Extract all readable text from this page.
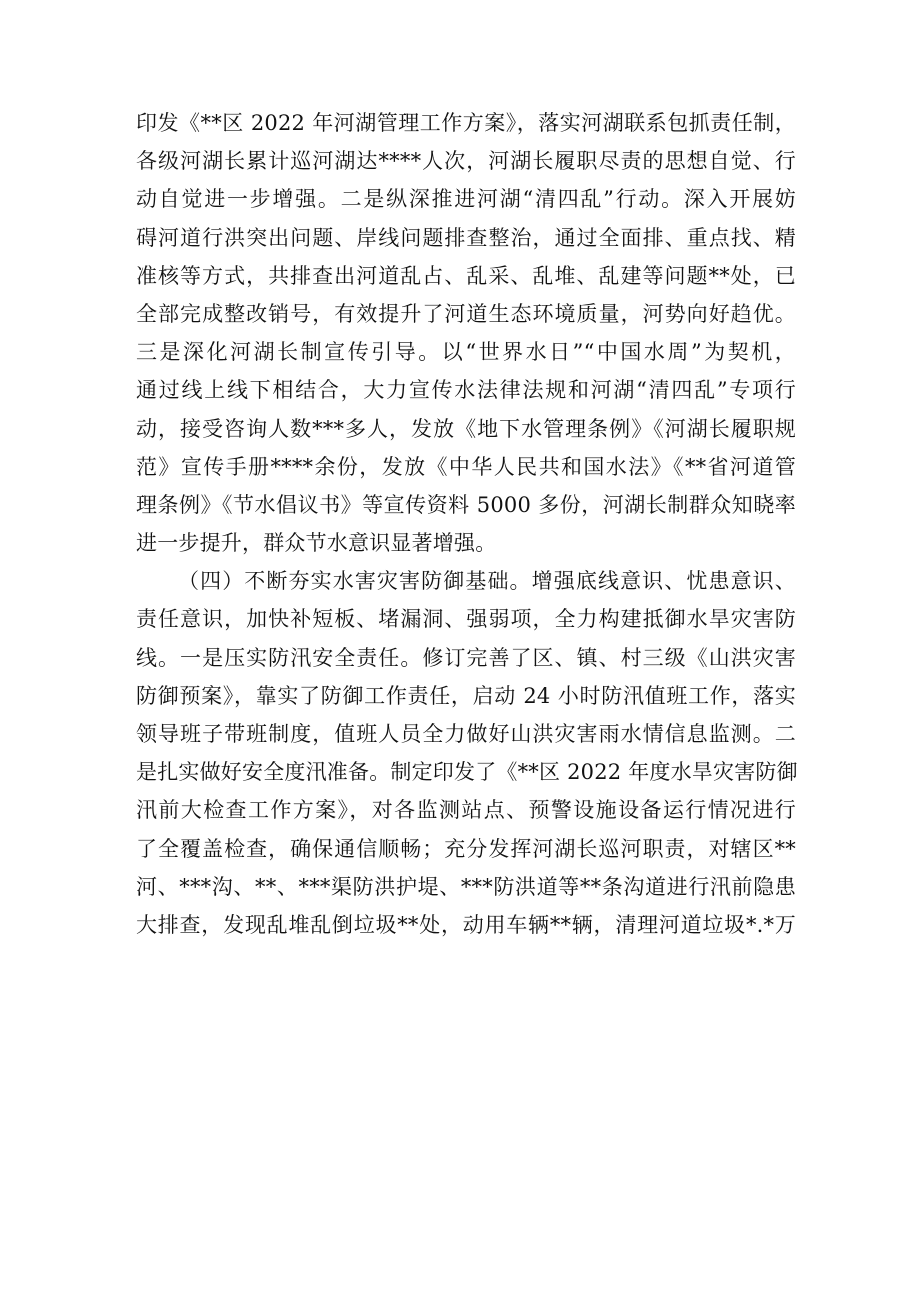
印发《**区 2022 年河湖管理工作方案》，落实河湖联系包抓责任制，
各级河湖长累计巡河湖达****人次，河湖长履职尽责的思想自觉、行
动自觉进一步增强。二是纵深推进河湖“清四乱”行动。深入开展妨
碍河道行洪突出问题、岸线问题排查整治，通过全面排、重点找、精
准核等方式，共排查出河道乱占、乱采、乱堆、乱建等问题**处，已
全部完成整改销号，有效提升了河道生态环境质量，河势向好趋优。
三是深化河湖长制宣传引导。以“世界水日”“中国水周”为契机，
通过线上线下相结合，大力宣传水法律法规和河湖“清四乱”专项行
动，接受咨询人数***多人，发放《地下水管理条例》《河湖长履职规
范》宣传手册****余份，发放《中华人民共和国水法》《**省河道管
理条例》《节水倡议书》等宣传资料 5000 多份，河湖长制群众知晓率
进一步提升，群众节水意识显著增强。
（四）不断夯实水害灾害防御基础。增强底线意识、忧患意识、
责任意识，加快补短板、堵漏洞、强弱项，全力构建抵御水旱灾害防
线。一是压实防汛安全责任。修订完善了区、镇、村三级《山洪灾害
防御预案》，靠实了防御工作责任，启动 24 小时防汛值班工作，落实
领导班子带班制度，值班人员全力做好山洪灾害雨水情信息监测。二
是扎实做好安全度汛准备。制定印发了《**区 2022 年度水旱灾害防御
汛前大检查工作方案》，对各监测站点、预警设施设备运行情况进行
了全覆盖检查，确保通信顺畅；充分发挥河湖长巡河职责，对辖区**
河、***沟、**、***渠防洪护堤、***防洪道等**条沟道进行汛前隐患
大排查，发现乱堆乱倒垃圾**处，动用车辆**辆，清理河道垃圾*.*万
